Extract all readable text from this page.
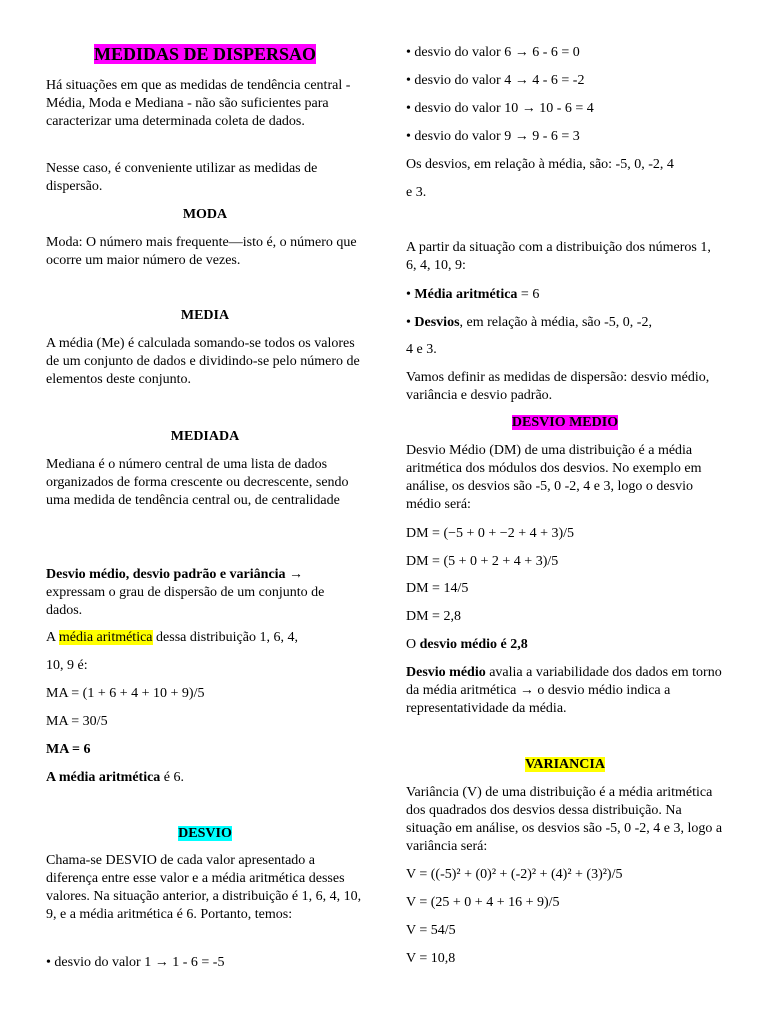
MEDIDAS DE DISPERSAO

Há situações em que as medidas de tendência central - Média, Moda e Mediana - não são suficientes para caracterizar uma determinada coleta de dados.

Nesse caso, é conveniente utilizar as medidas de dispersão.

MODA

Moda: O número mais frequente—isto é, o número que ocorre um maior número de vezes.

MEDIA

A média (Me) é calculada somando-se todos os valores de um conjunto de dados e dividindo-se pelo número de elementos deste conjunto.

MEDIADA

Mediana é o número central de uma lista de dados organizados de forma crescente ou decrescente, sendo uma medida de tendência central ou, de centralidade

Desvio médio, desvio padrão e variância → expressam o grau de dispersão de um conjunto de dados.

A média aritmética dessa distribuição 1, 6, 4,

10, 9 é:

MA = (1 + 6 + 4 + 10 + 9)/5

MA = 30/5

MA = 6

A média aritmética é 6.

DESVIO

Chama-se DESVIO de cada valor apresentado a diferença entre esse valor e a média aritmética desses valores. Na situação anterior, a distribuição é 1, 6, 4, 10, 9, e a média aritmética é 6. Portanto, temos:

• desvio do valor 1 → 1 - 6 = -5

• desvio do valor 6 → 6 - 6 = 0

• desvio do valor 4 → 4 - 6 = -2

• desvio do valor 10 → 10 - 6 = 4

• desvio do valor 9 → 9 - 6 = 3

Os desvios, em relação à média, são: -5, 0, -2, 4

e 3.

A partir da situação com a distribuição dos números 1, 6, 4, 10, 9:

• Média aritmética = 6

• Desvios, em relação à média, são -5, 0, -2,

4 e 3.

Vamos definir as medidas de dispersão: desvio médio, variância e desvio padrão.

DESVIO MEDIO

Desvio Médio (DM) de uma distribuição é a média aritmética dos módulos dos desvios. No exemplo em análise, os desvios são -5, 0 -2, 4 e 3, logo o desvio médio será:

DM = (−5 + 0 + −2 + 4 + 3)/5

DM = (5 + 0 + 2 + 4 + 3)/5

DM = 14/5

DM = 2,8

O desvio médio é 2,8

Desvio médio avalia a variabilidade dos dados em torno da média aritmética → o desvio médio indica a representatividade da média.

VARIANCIA

Variância (V) de uma distribuição é a média aritmética dos quadrados dos desvios dessa distribuição. Na situação em análise, os desvios são -5, 0 -2, 4 e 3, logo a variância será:

V = ((-5)² + (0)² + (-2)² + (4)² + (3)²)/5

V = (25 + 0 + 4 + 16 + 9)/5

V = 54/5

V = 10,8
